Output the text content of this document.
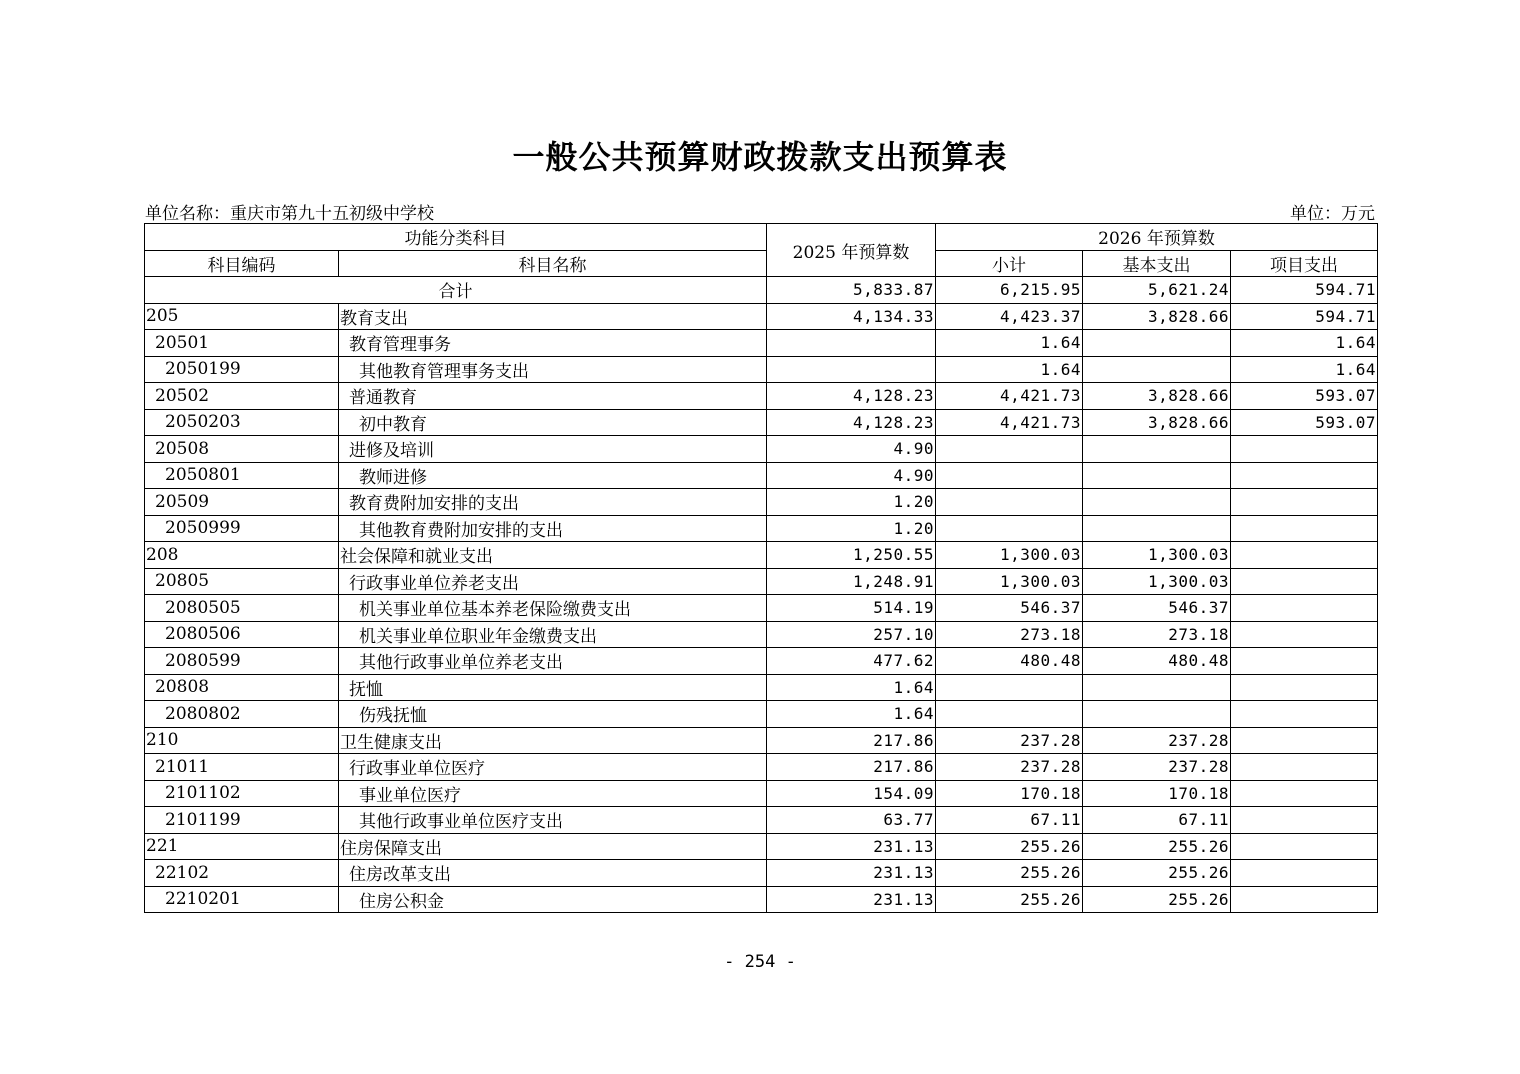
一般公共预算财政拨款支出预算表
单位名称：重庆市第九十五初级中学校	单位：万元
功能分类科目		2025 年预算数	2026 年预算数		
科目编码	科目名称		小计	基本支出	项目支出
合计		5,833.87	6,215.95	5,621.24	594.71
205	教育支出	4,134.33	4,423.37	3,828.66	594.71
20501	教育管理事务		1.64		1.64
2050199	其他教育管理事务支出		1.64		1.64
20502	普通教育	4,128.23	4,421.73	3,828.66	593.07
2050203	初中教育	4,128.23	4,421.73	3,828.66	593.07
20508	进修及培训	4.90			
2050801	教师进修	4.90			
20509	教育费附加安排的支出	1.20			
2050999	其他教育费附加安排的支出	1.20			
208	社会保障和就业支出	1,250.55	1,300.03	1,300.03	
20805	行政事业单位养老支出	1,248.91	1,300.03	1,300.03	
2080505	机关事业单位基本养老保险缴费支出	514.19	546.37	546.37	
2080506	机关事业单位职业年金缴费支出	257.10	273.18	273.18	
2080599	其他行政事业单位养老支出	477.62	480.48	480.48	
20808	抚恤	1.64			
2080802	伤残抚恤	1.64			
210	卫生健康支出	217.86	237.28	237.28	
21011	行政事业单位医疗	217.86	237.28	237.28	
2101102	事业单位医疗	154.09	170.18	170.18	
2101199	其他行政事业单位医疗支出	63.77	67.11	67.11	
221	住房保障支出	231.13	255.26	255.26	
22102	住房改革支出	231.13	255.26	255.26	
2210201	住房公积金	231.13	255.26	255.26	
- 254 -
